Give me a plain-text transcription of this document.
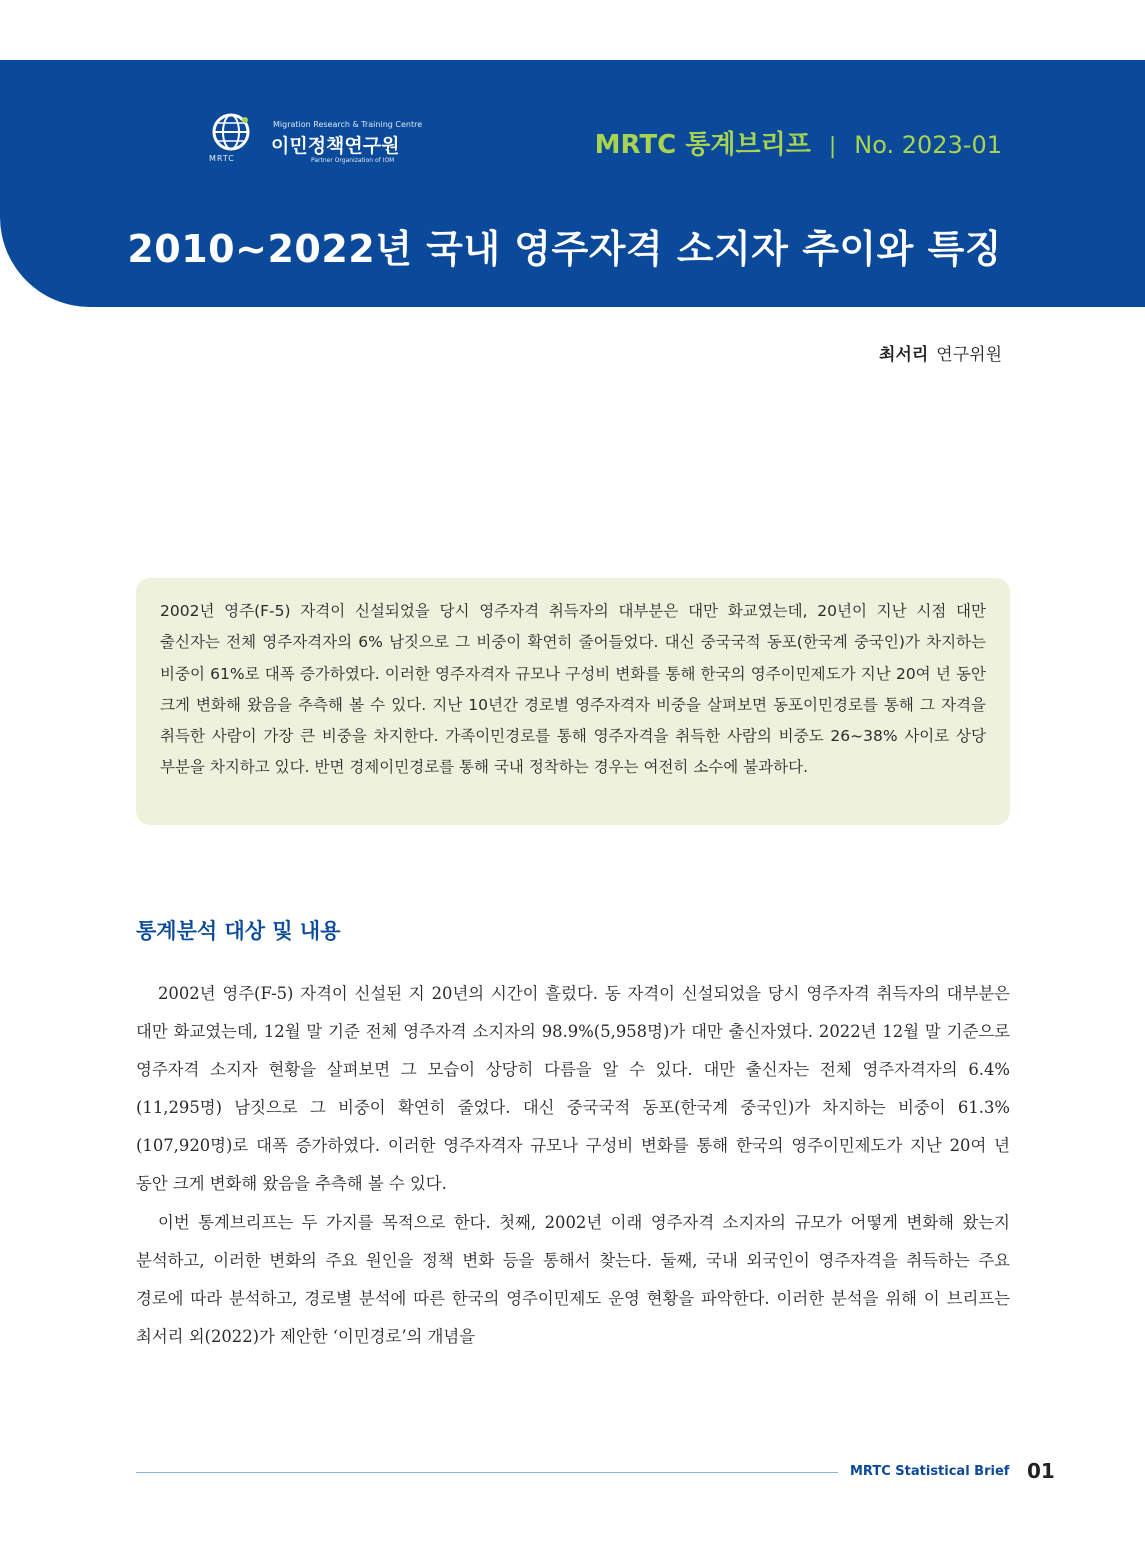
MRTC
Migration Research & Training Centre
이민정책연구원
Partner Organization of IOM
MRTC 통계브리프 | No. 2023-01
2010~2022년 국내 영주자격 소지자 추이와 특징
최서리 연구위원

2002년 영주(F-5) 자격이 신설되었을 당시 영주자격 취득자의 대부분은 대만 화교였는데, 20년이 지난 시점 대만 출신자는 전체 영주자격자의 6% 남짓으로 그 비중이 확연히 줄어들었다. 대신 중국국적 동포(한국계 중국인)가 차지하는 비중이 61%로 대폭 증가하였다. 이러한 영주자격자 규모나 구성비 변화를 통해 한국의 영주이민제도가 지난 20여 년 동안 크게 변화해 왔음을 추측해 볼 수 있다. 지난 10년간 경로별 영주자격자 비중을 살펴보면 동포이민경로를 통해 그 자격을 취득한 사람이 가장 큰 비중을 차지한다. 가족이민경로를 통해 영주자격을 취득한 사람의 비중도 26~38% 사이로 상당 부분을 차지하고 있다. 반면 경제이민경로를 통해 국내 정착하는 경우는 여전히 소수에 불과하다.

통계분석 대상 및 내용

2002년 영주(F-5) 자격이 신설된 지 20년의 시간이 흘렀다. 동 자격이 신설되었을 당시 영주자격 취득자의 대부분은 대만 화교였는데, 12월 말 기준 전체 영주자격 소지자의 98.9%(5,958명)가 대만 출신자였다. 2022년 12월 말 기준으로 영주자격 소지자 현황을 살펴보면 그 모습이 상당히 다름을 알 수 있다. 대만 출신자는 전체 영주자격자의 6.4%(11,295명) 남짓으로 그 비중이 확연히 줄었다. 대신 중국국적 동포(한국계 중국인)가 차지하는 비중이 61.3%(107,920명)로 대폭 증가하였다. 이러한 영주자격자 규모나 구성비 변화를 통해 한국의 영주이민제도가 지난 20여 년 동안 크게 변화해 왔음을 추측해 볼 수 있다.

이번 통계브리프는 두 가지를 목적으로 한다. 첫째, 2002년 이래 영주자격 소지자의 규모가 어떻게 변화해 왔는지 분석하고, 이러한 변화의 주요 원인을 정책 변화 등을 통해서 찾는다. 둘째, 국내 외국인이 영주자격을 취득하는 주요 경로에 따라 분석하고, 경로별 분석에 따른 한국의 영주이민제도 운영 현황을 파악한다. 이러한 분석을 위해 이 브리프는 최서리 외(2022)가 제안한 ‘이민경로’의 개념을

MRTC Statistical Brief 01
